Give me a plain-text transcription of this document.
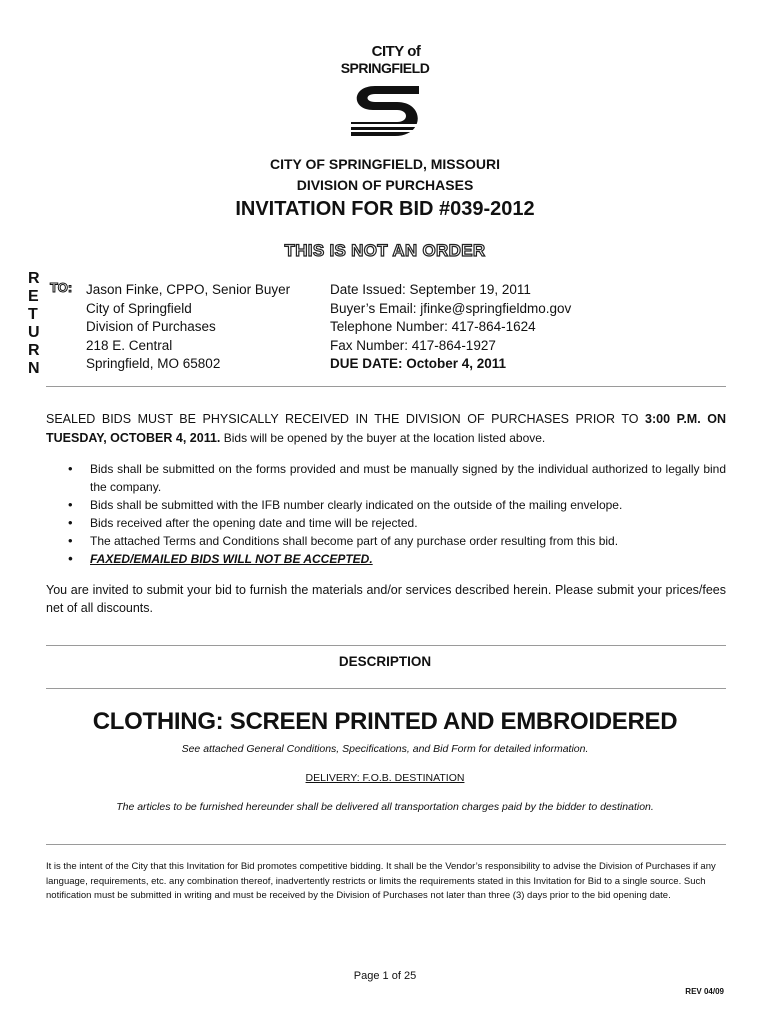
CITY of
SPRINGFIELD
CITY OF SPRINGFIELD, MISSOURI
DIVISION OF PURCHASES
INVITATION FOR BID #039-2012
THIS IS NOT AN ORDER
R
E
T
U
R
N
TO: Jason Finke, CPPO, Senior Buyer
City of Springfield
Division of Purchases
218 E. Central
Springfield, MO 65802
Date Issued: September 19, 2011
Buyer’s Email: jfinke@springfieldmo.gov
Telephone Number: 417-864-1624
Fax Number: 417-864-1927
DUE DATE: October 4, 2011
SEALED BIDS MUST BE PHYSICALLY RECEIVED IN THE DIVISION OF PURCHASES PRIOR TO 3:00 P.M. ON TUESDAY, OCTOBER 4, 2011. Bids will be opened by the buyer at the location listed above.
• Bids shall be submitted on the forms provided and must be manually signed by the individual authorized to legally bind the company.
• Bids shall be submitted with the IFB number clearly indicated on the outside of the mailing envelope.
• Bids received after the opening date and time will be rejected.
• The attached Terms and Conditions shall become part of any purchase order resulting from this bid.
• FAXED/EMAILED BIDS WILL NOT BE ACCEPTED.
You are invited to submit your bid to furnish the materials and/or services described herein. Please submit your prices/fees net of all discounts.
DESCRIPTION
CLOTHING: SCREEN PRINTED AND EMBROIDERED
See attached General Conditions, Specifications, and Bid Form for detailed information.
DELIVERY: F.O.B. DESTINATION
The articles to be furnished hereunder shall be delivered all transportation charges paid by the bidder to destination.
It is the intent of the City that this Invitation for Bid promotes competitive bidding. It shall be the Vendor’s responsibility to advise the Division of Purchases if any language, requirements, etc. any combination thereof, inadvertently restricts or limits the requirements stated in this Invitation for Bid to a single source. Such notification must be submitted in writing and must be received by the Division of Purchases not later than three (3) days prior to the bid opening date.
Page 1 of 25
REV 04/09
